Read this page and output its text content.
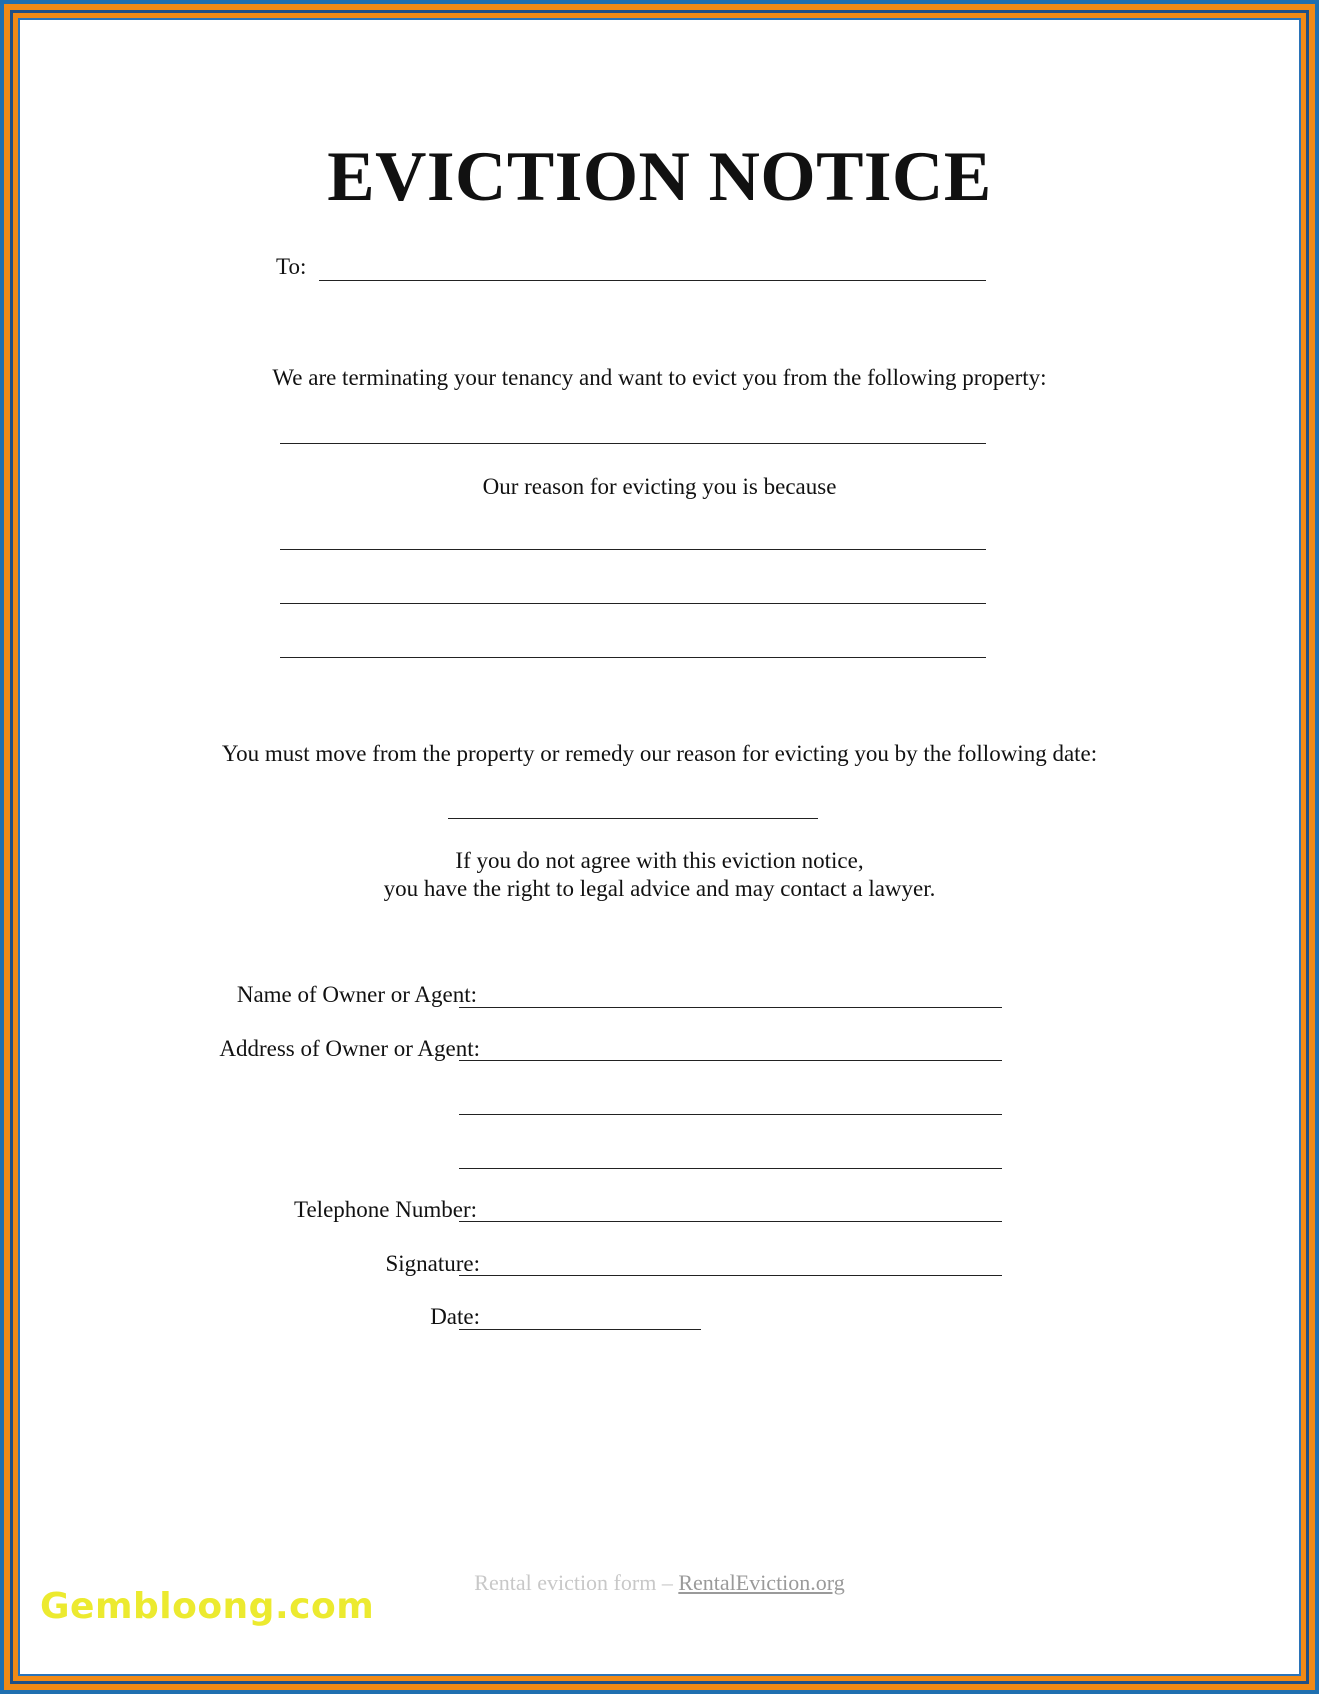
EVICTION NOTICE
To:
We are terminating your tenancy and want to evict you from the following property:
Our reason for evicting you is because
You must move from the property or remedy our reason for evicting you by the following date:
If you do not agree with this eviction notice,
you have the right to legal advice and may contact a lawyer.
Name of Owner or Agent:
Address of Owner or Agent:
Telephone Number:
Signature:
Date:
Rental eviction form – RentalEviction.org
Gembloong.com
